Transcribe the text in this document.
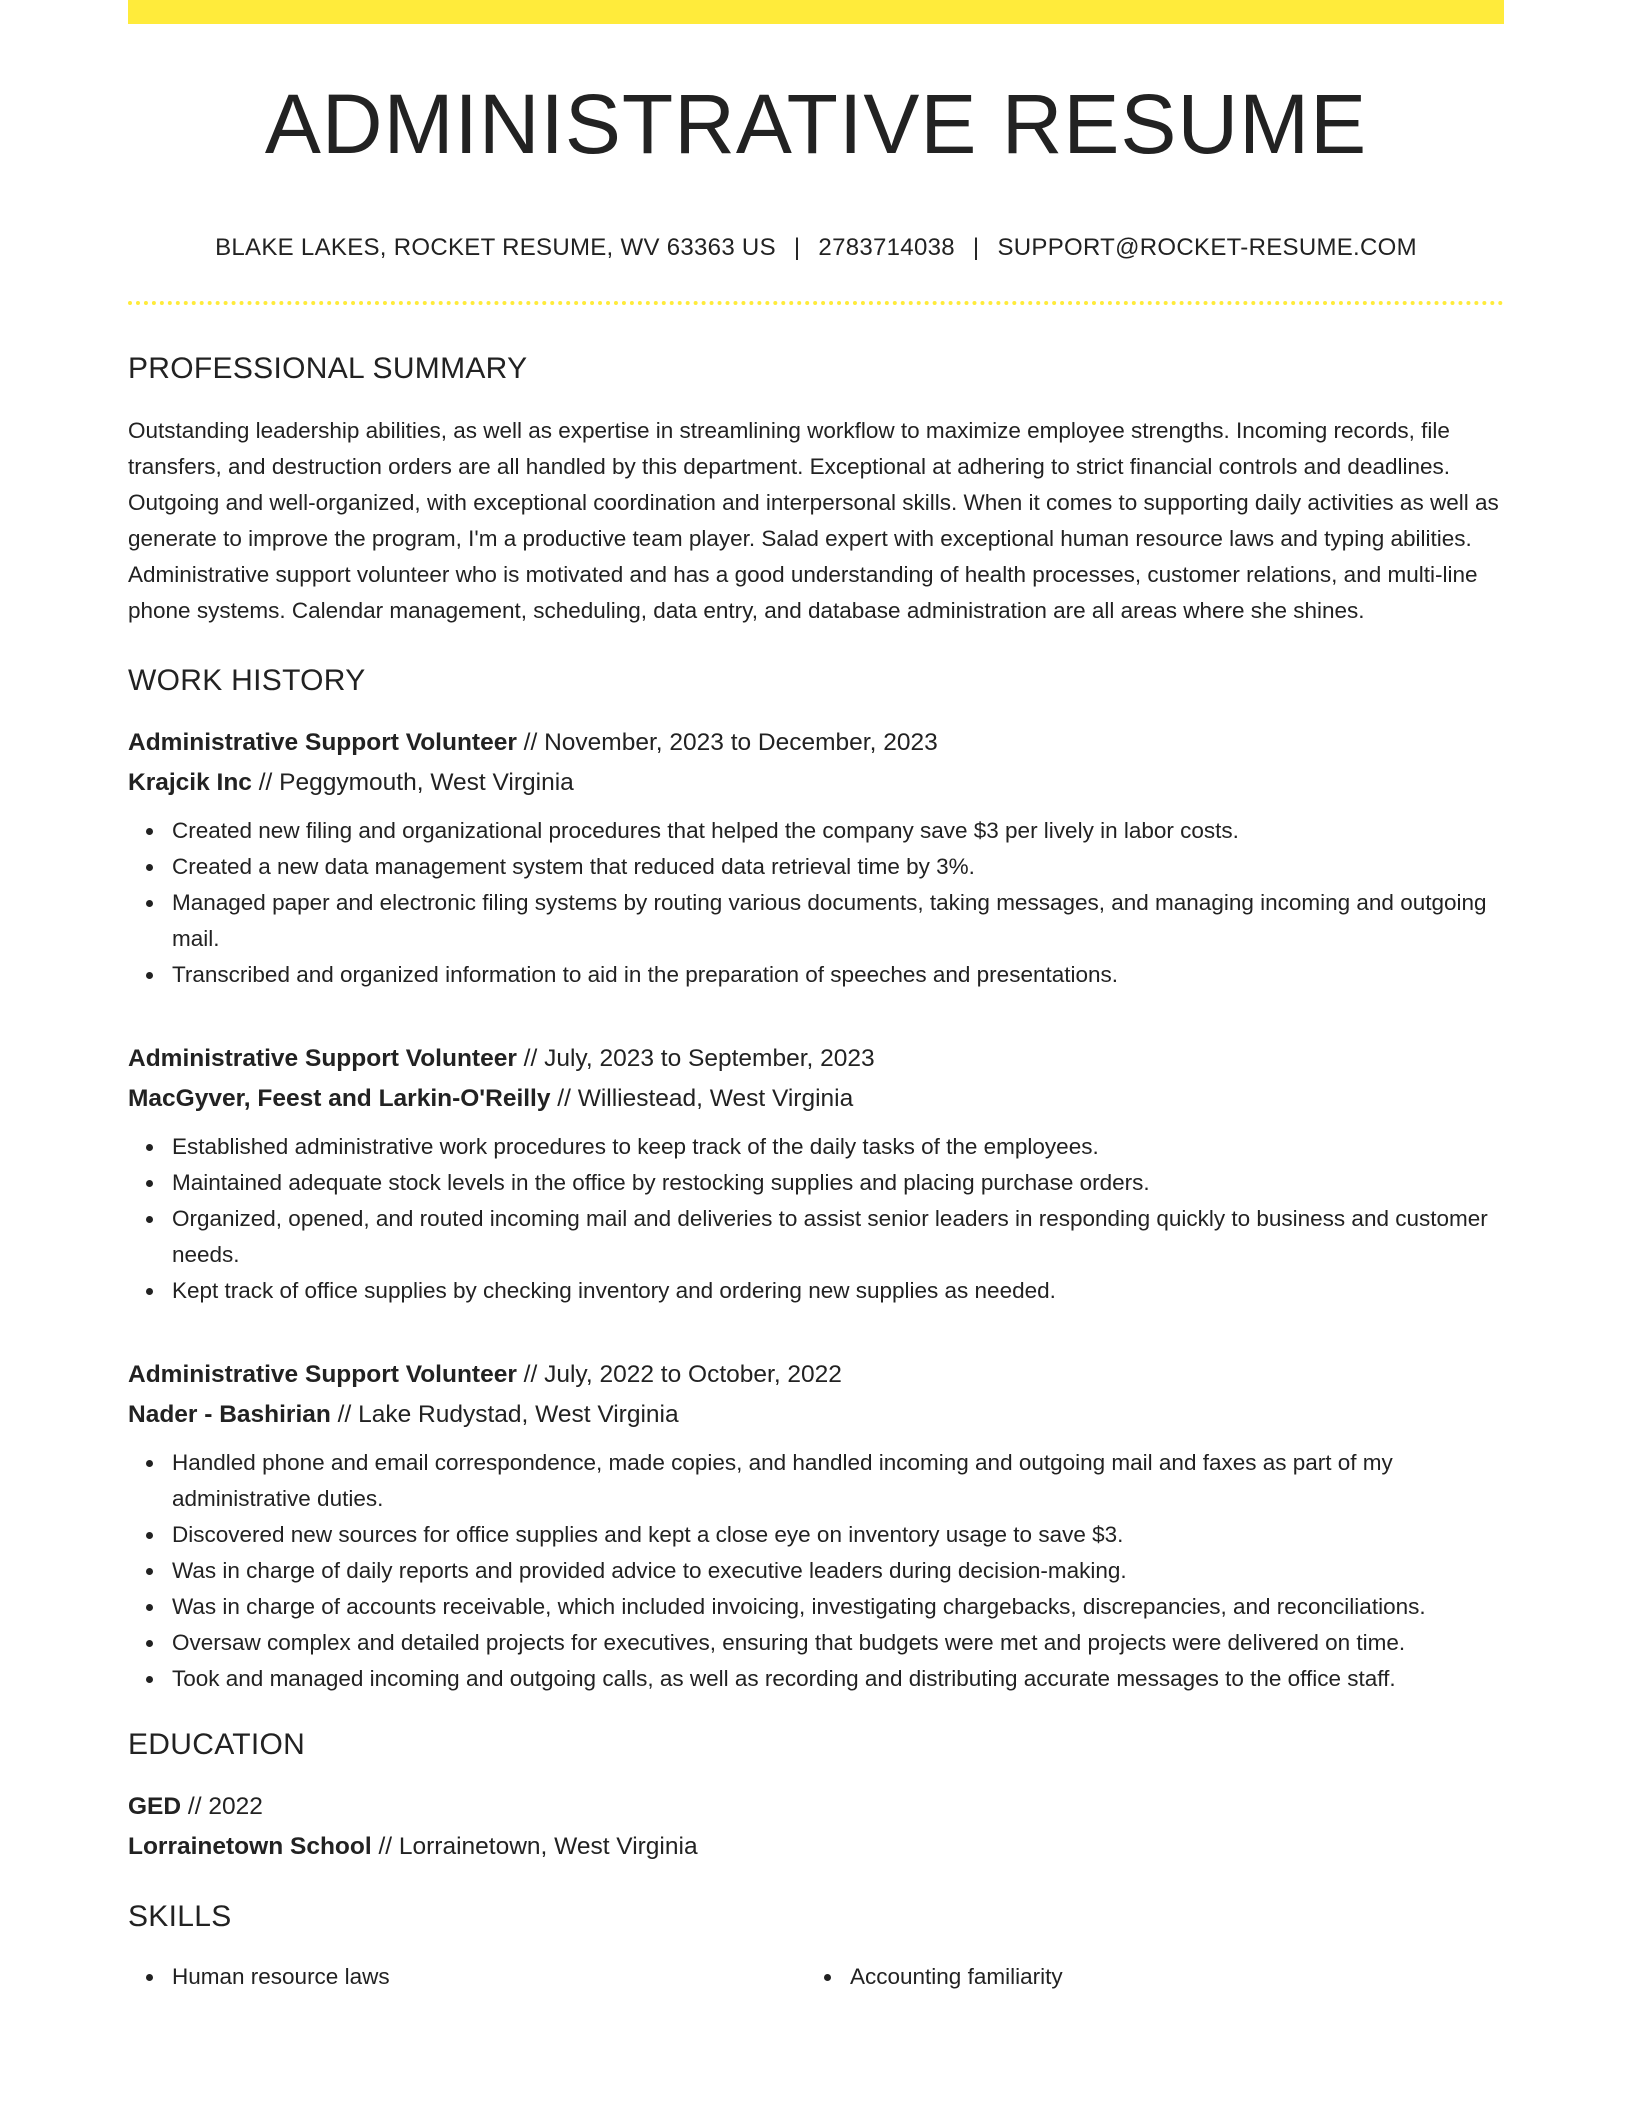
ADMINISTRATIVE RESUME
BLAKE LAKES, ROCKET RESUME, WV 63363 US | 2783714038 | SUPPORT@ROCKET-RESUME.COM
PROFESSIONAL SUMMARY

Outstanding leadership abilities, as well as expertise in streamlining workflow to maximize employee strengths. Incoming records, file transfers, and destruction orders are all handled by this department. Exceptional at adhering to strict financial controls and deadlines. Outgoing and well-organized, with exceptional coordination and interpersonal skills. When it comes to supporting daily activities as well as generate to improve the program, I'm a productive team player. Salad expert with exceptional human resource laws and typing abilities. Administrative support volunteer who is motivated and has a good understanding of health processes, customer relations, and multi-line phone systems. Calendar management, scheduling, data entry, and database administration are all areas where she shines.

WORK HISTORY
Administrative Support Volunteer // November, 2023 to December, 2023
Krajcik Inc // Peggymouth, West Virginia
Created new filing and organizational procedures that helped the company save $3 per lively in labor costs.
Created a new data management system that reduced data retrieval time by 3%.
Managed paper and electronic filing systems by routing various documents, taking messages, and managing incoming and outgoing mail.
Transcribed and organized information to aid in the preparation of speeches and presentations.
Administrative Support Volunteer // July, 2023 to September, 2023
MacGyver, Feest and Larkin-O'Reilly // Williestead, West Virginia
Established administrative work procedures to keep track of the daily tasks of the employees.
Maintained adequate stock levels in the office by restocking supplies and placing purchase orders.
Organized, opened, and routed incoming mail and deliveries to assist senior leaders in responding quickly to business and customer needs.
Kept track of office supplies by checking inventory and ordering new supplies as needed.
Administrative Support Volunteer // July, 2022 to October, 2022
Nader - Bashirian // Lake Rudystad, West Virginia
Handled phone and email correspondence, made copies, and handled incoming and outgoing mail and faxes as part of my administrative duties.
Discovered new sources for office supplies and kept a close eye on inventory usage to save $3.
Was in charge of daily reports and provided advice to executive leaders during decision-making.
Was in charge of accounts receivable, which included invoicing, investigating chargebacks, discrepancies, and reconciliations.
Oversaw complex and detailed projects for executives, ensuring that budgets were met and projects were delivered on time.
Took and managed incoming and outgoing calls, as well as recording and distributing accurate messages to the office staff.
EDUCATION
GED // 2022
Lorrainetown School // Lorrainetown, West Virginia
SKILLS
Human resource laws	Accounting familiarity
